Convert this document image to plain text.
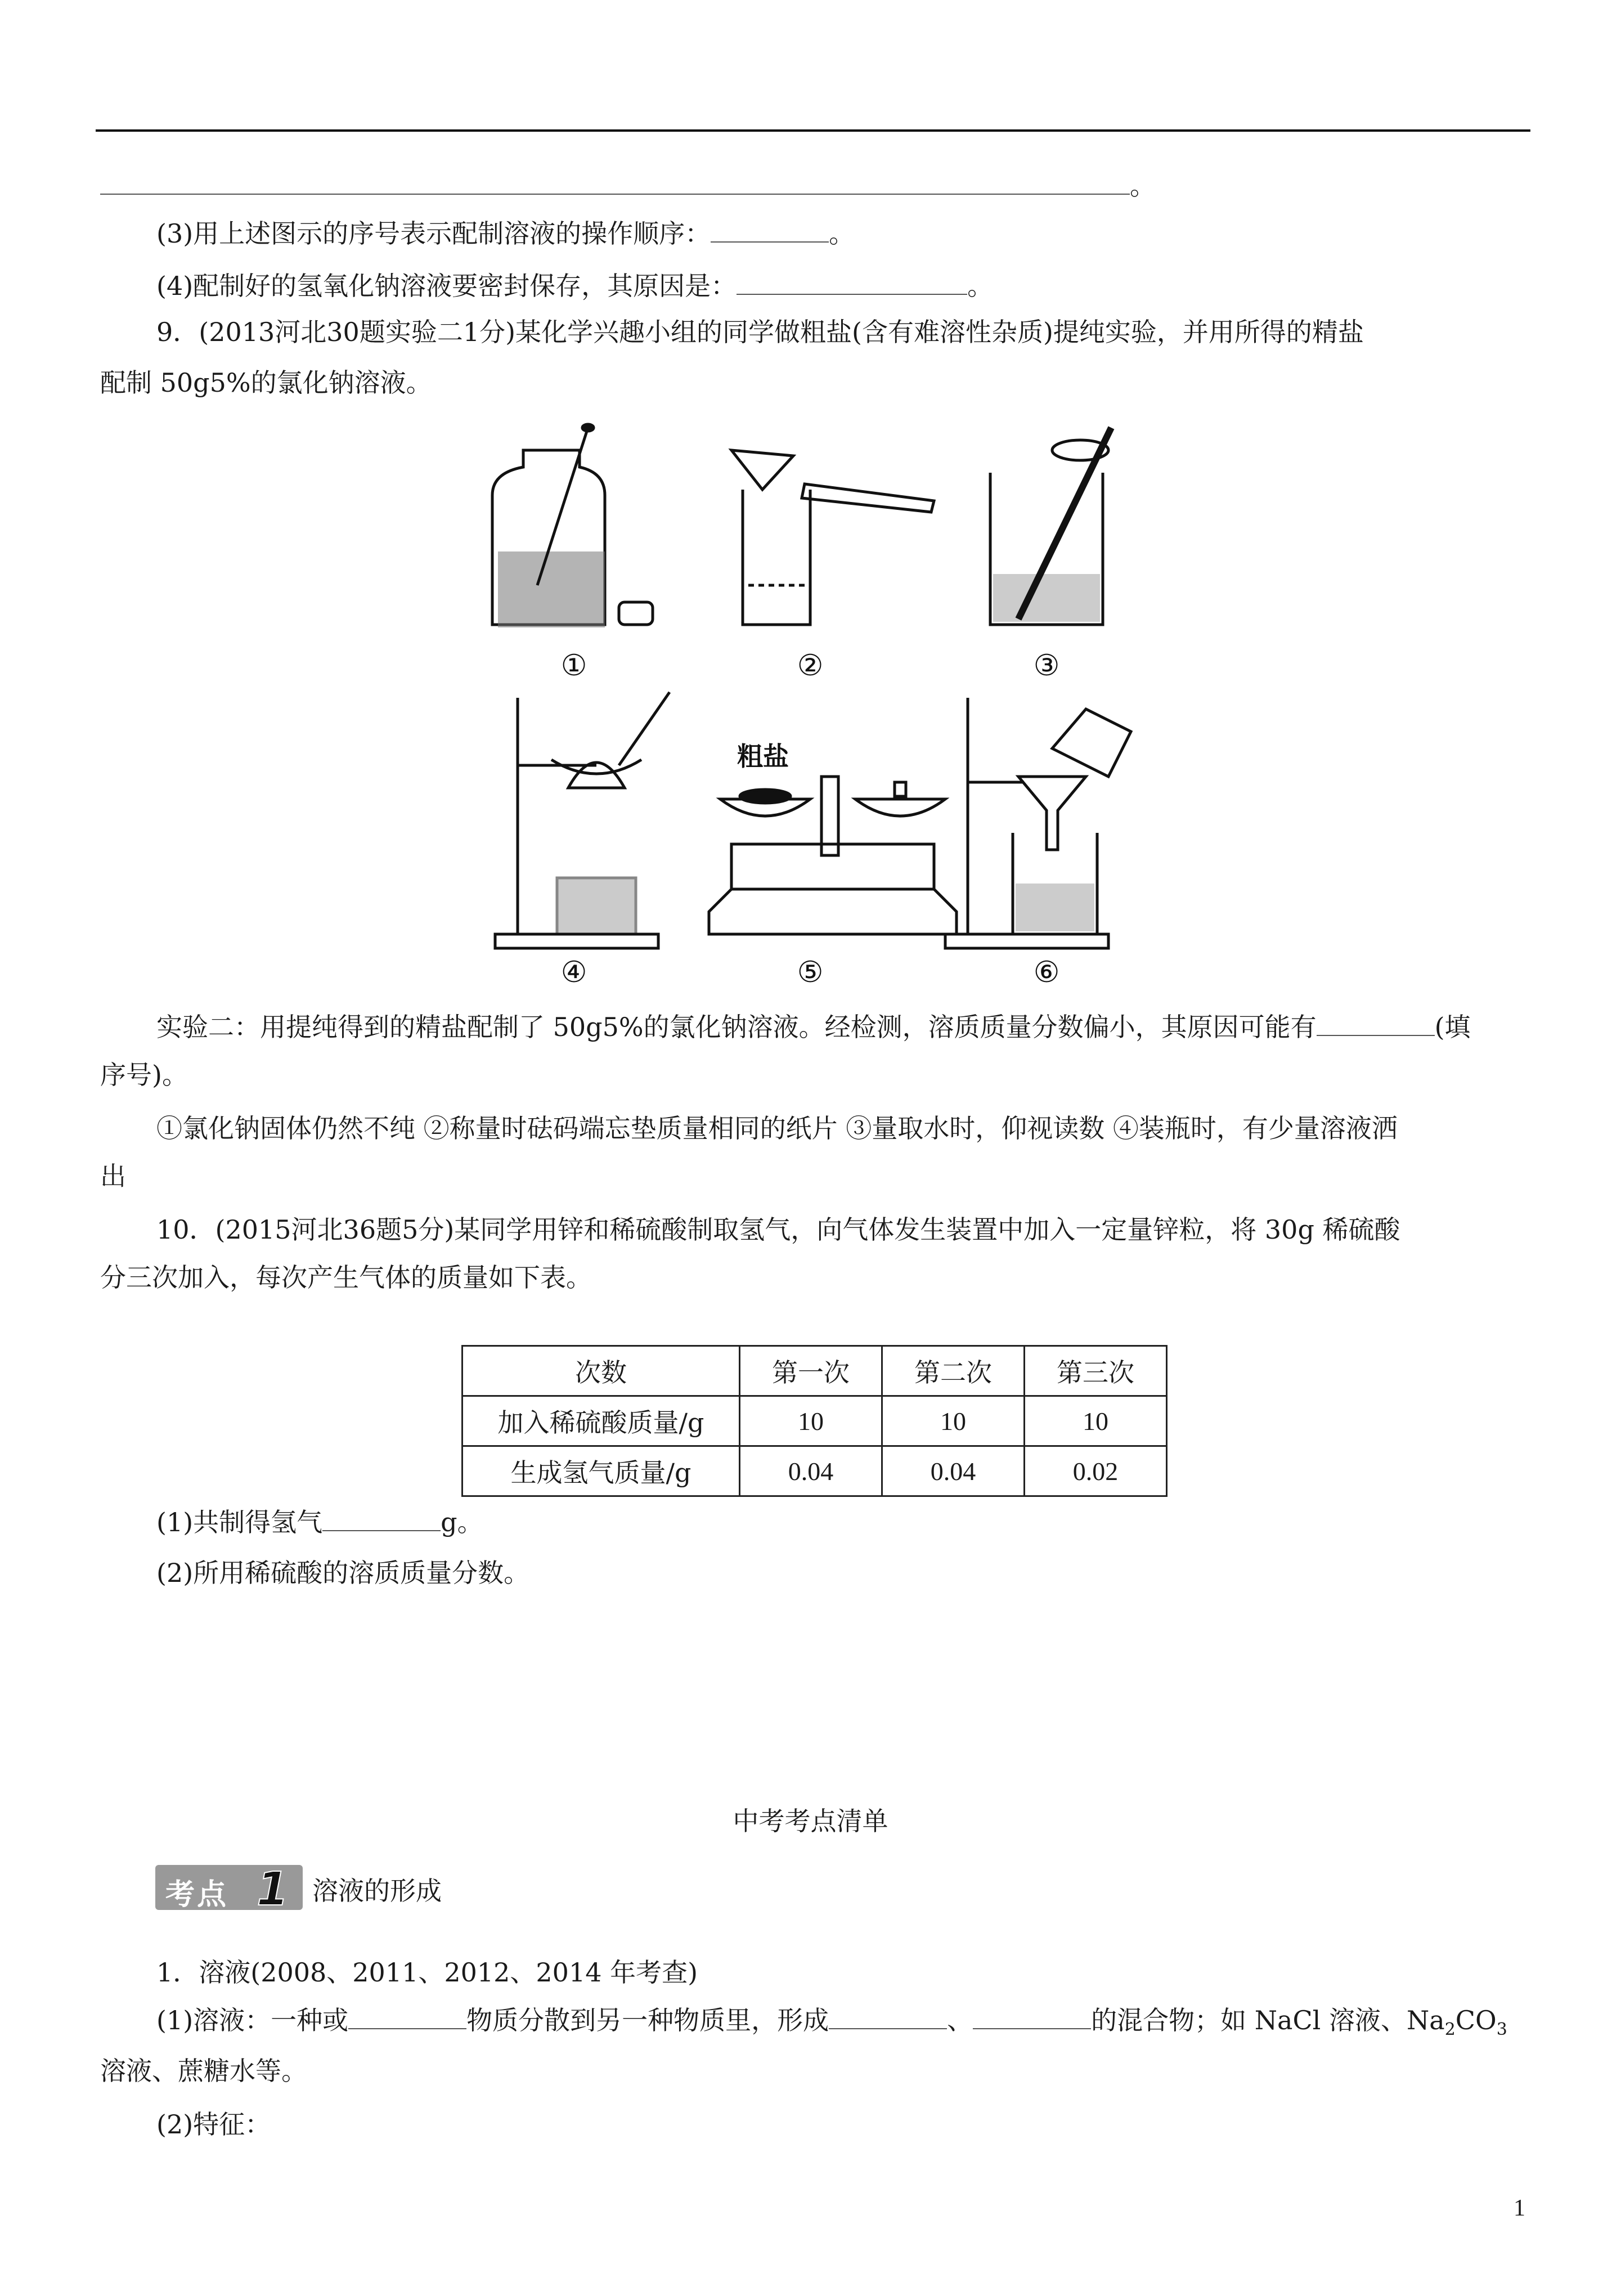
。
(3)用上述图示的序号表示配制溶液的操作顺序：	。
(4)配制好的氢氧化钠溶液要密封保存，其原因是：	。
9．(2013河北30题实验二1分)某化学兴趣小组的同学做粗盐(含有难溶性杂质)提纯实验，并用所得的精盐
配制 50g5%的氯化钠溶液。
①	②	③
粗盐
④	⑤	⑥
实验二：用提纯得到的精盐配制了 50g5%的氯化钠溶液。经检测，溶质质量分数偏小，其原因可能有	(填
序号)。
①氯化钠固体仍然不纯 ②称量时砝码端忘垫质量相同的纸片 ③量取水时，仰视读数 ④装瓶时，有少量溶液洒
出
10．(2015河北36题5分)某同学用锌和稀硫酸制取氢气，向气体发生装置中加入一定量锌粒，将 30g 稀硫酸
分三次加入，每次产生气体的质量如下表。
次数	第一次	第二次	第三次
加入稀硫酸质量/g	10	10	10
生成氢气质量/g	0.04	0.04	0.02
(1)共制得氢气	g。
(2)所用稀硫酸的溶质质量分数。
中考考点清单
考点 1 溶液的形成
1．溶液(2008、2011、2012、2014 年考查)
(1)溶液：一种或	物质分散到另一种物质里，形成	、	的混合物；如 NaCl 溶液、$Na_2CO_3$
溶液、蔗糖水等。
(2)特征：
1
